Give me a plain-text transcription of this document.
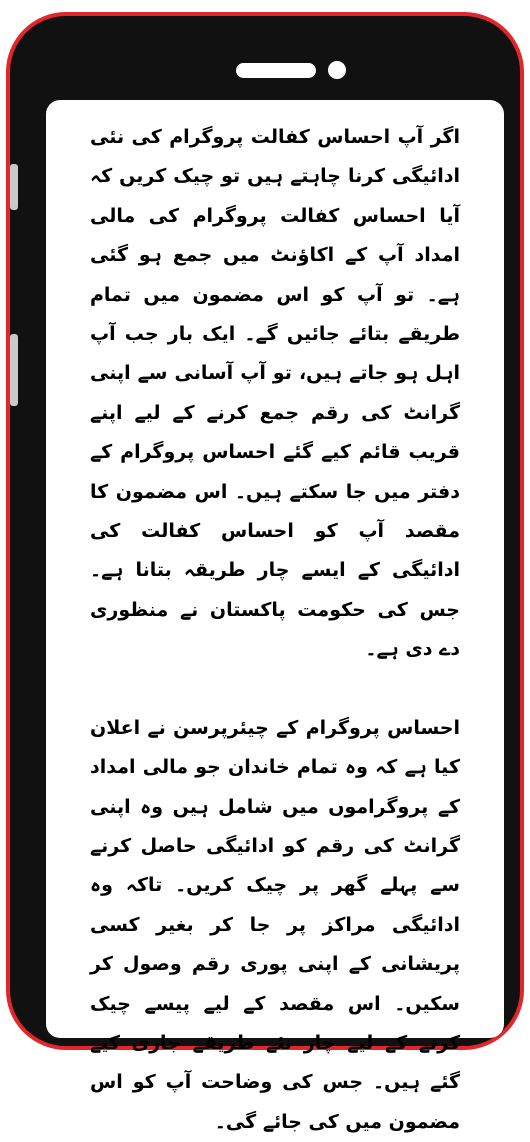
اگر آپ احساس کفالت پروگرام کی نئی ادائیگی کرنا چاہتے ہیں تو چیک کریں کہ آیا احساس کفالت پروگرام کی مالی امداد آپ کے اکاؤنٹ میں جمع ہو گئی ہے۔ تو آپ کو اس مضمون میں تمام طریقے بتائے جائیں گے۔ ایک بار جب آپ اہل ہو جاتے ہیں، تو آپ آسانی سے اپنی گرانٹ کی رقم جمع کرنے کے لیے اپنے قریب قائم کیے گئے احساس پروگرام کے دفتر میں جا سکتے ہیں۔ اس مضمون کا مقصد آپ کو احساس کفالت کی ادائیگی کے ایسے چار طریقہ بتانا ہے۔ جس کی حکومت پاکستان نے منظوری دے دی ہے۔

احساس پروگرام کے چیئرپرسن نے اعلان کیا ہے کہ وہ تمام خاندان جو مالی امداد کے پروگراموں میں شامل ہیں وہ اپنی گرانٹ کی رقم کو ادائیگی حاصل کرنے سے پہلے گھر پر چیک کریں۔ تاکہ وہ ادائیگی مراکز پر جا کر بغیر کسی پریشانی کے اپنی پوری رقم وصول کر سکیں۔ اس مقصد کے لیے پیسے چیک کرنے کے لیے چار نئے طریقے جاری کیے گئے ہیں۔ جس کی وضاحت آپ کو اس مضمون میں کی جائے گی۔
